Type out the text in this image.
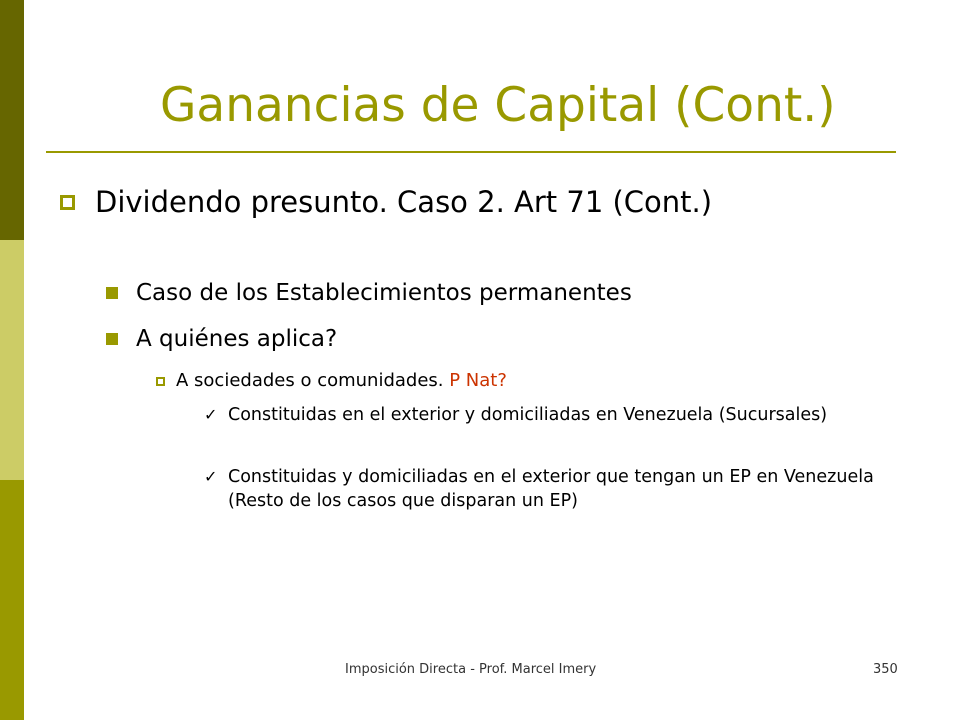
Ganancias de Capital (Cont.)
Dividendo presunto. Caso 2. Art 71 (Cont.)
Caso de los Establecimientos permanentes
A quiénes aplica?
A sociedades o comunidades. P Nat?
✓ Constituidas en el exterior y domiciliadas en Venezuela (Sucursales)
✓ Constituidas y domiciliadas en el exterior que tengan un EP en Venezuela (Resto de los casos que disparan un EP)
Imposición Directa - Prof. Marcel Imery	350
